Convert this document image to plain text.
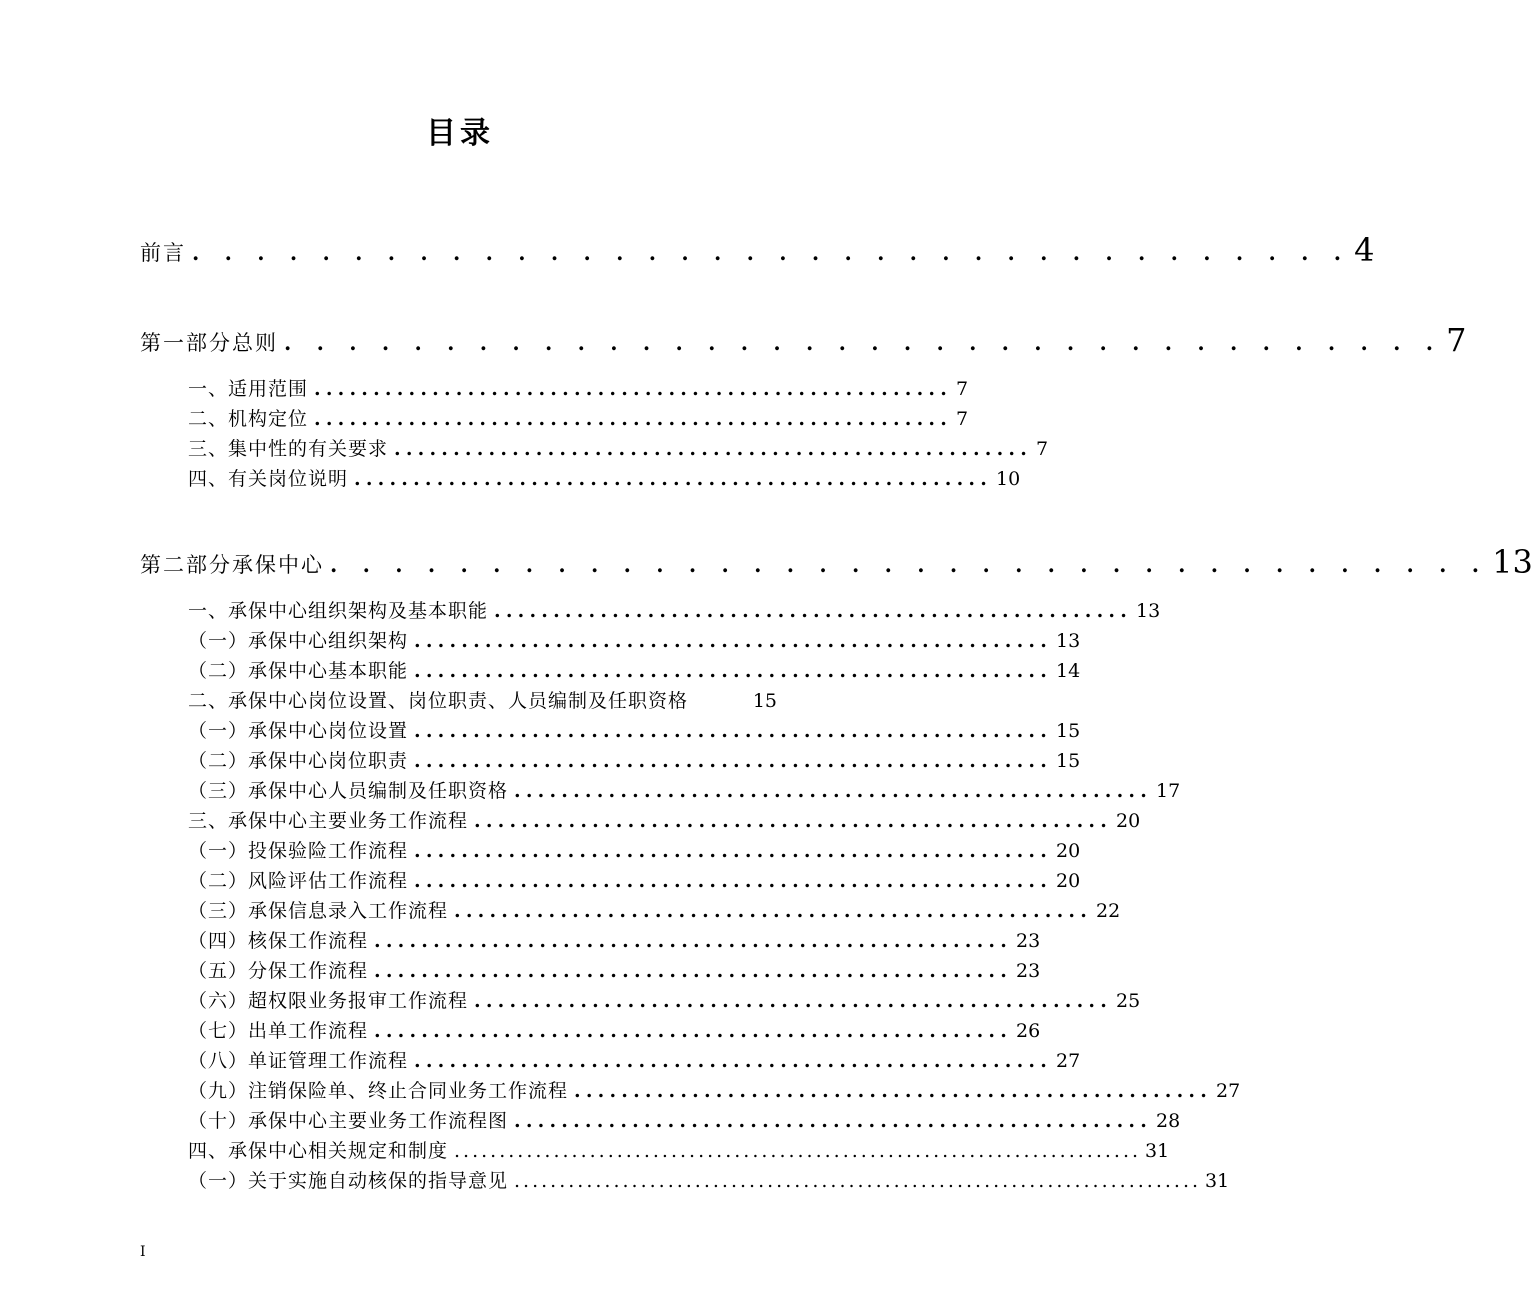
目录
前言 . . . . . . . . . . . . . . . . . . . . . . . . . . . . . . . . . . . . 4
第一部分 总则 . . . . . . . . . . . . . . . . . . . . . . . . . . . . . . . . . . . . 7
一、适用范围 ...................................................... 7
二、机构定位 ...................................................... 7
三、集中性的有关要求 ...................................................... 7
四、有关岗位说明 ...................................................... 10
第二部分 承保中心 . . . . . . . . . . . . . . . . . . . . . . . . . . . . . . . . . . . . 13
一、承保中心组织架构及基本职能 ...................................................... 13
（一）承保中心组织架构 ...................................................... 13
（二）承保中心基本职能 ...................................................... 14
二、承保中心岗位设置、岗位职责、人员编制及任职资格	15
（一）承保中心岗位设置 ...................................................... 15
（二）承保中心岗位职责 ...................................................... 15
（三）承保中心人员编制及任职资格 ...................................................... 17
三、承保中心主要业务工作流程 ...................................................... 20
（一）投保验险工作流程 ...................................................... 20
（二）风险评估工作流程 ...................................................... 20
（三）承保信息录入工作流程 ...................................................... 22
（四）核保工作流程 ...................................................... 23
（五）分保工作流程 ...................................................... 23
（六）超权限业务报审工作流程 ...................................................... 25
（七）出单工作流程 ...................................................... 26
（八）单证管理工作流程 ...................................................... 27
（九）注销保险单、终止合同业务工作流程 ...................................................... 27
（十）承保中心主要业务工作流程图 ...................................................... 28
四、承保中心相关规定和制度 ............................................................................ 31
（一）关于实施自动核保的指导意见 ............................................................................ 31
I
